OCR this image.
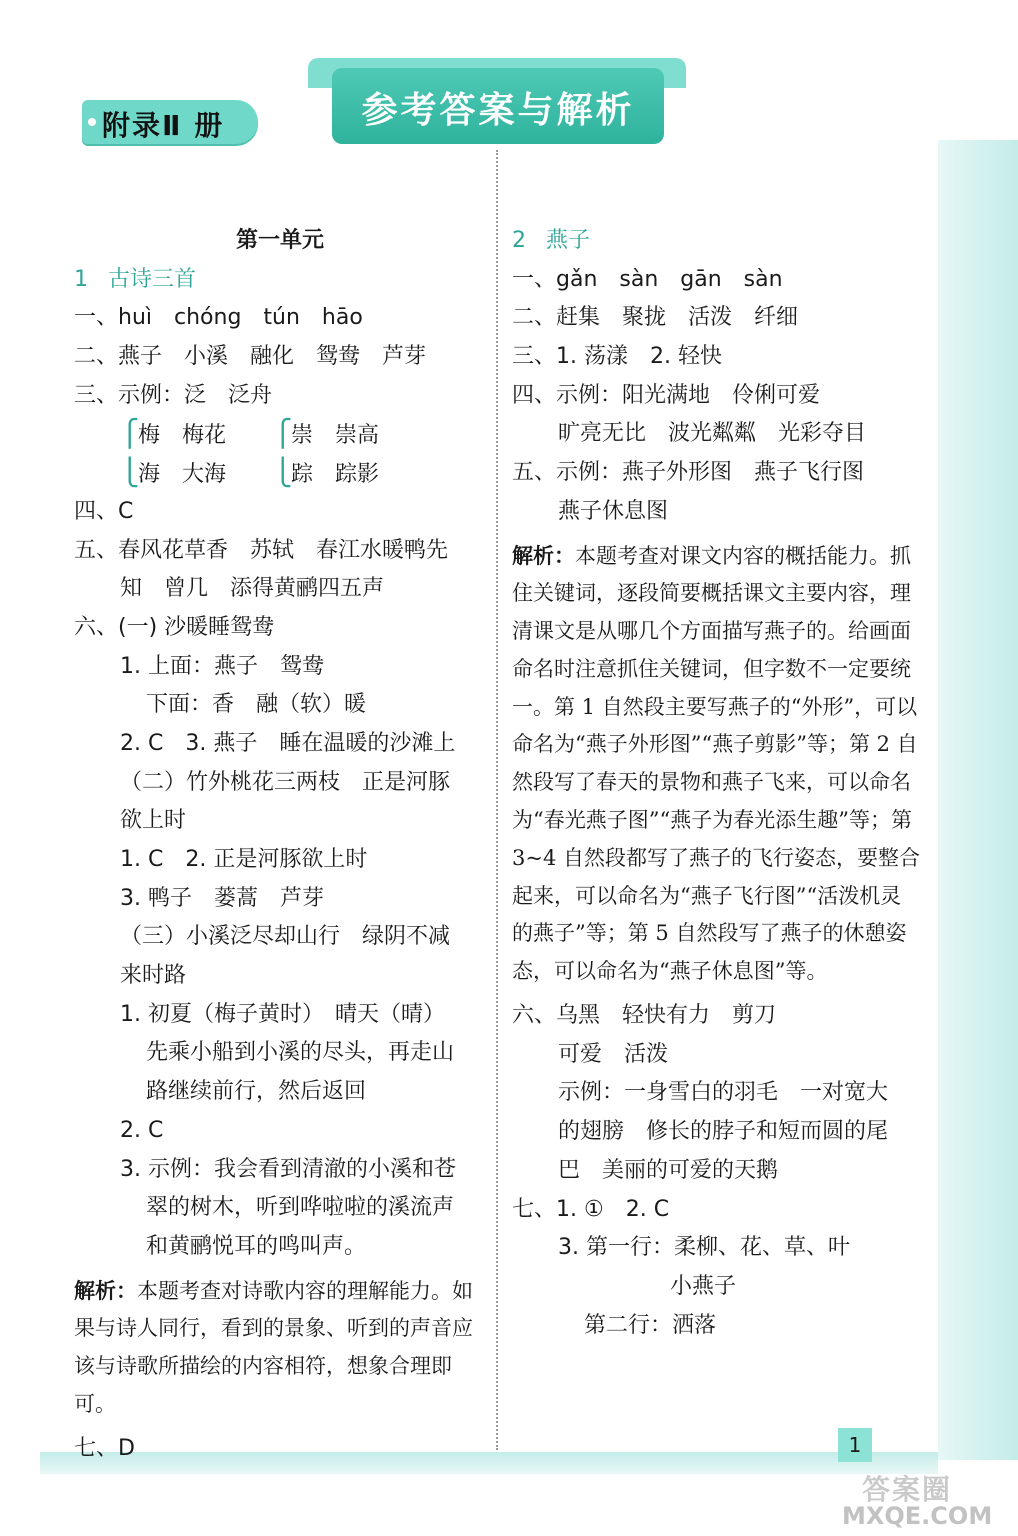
附录Ⅱ 册	参考答案与解析
第一单元
1 古诗三首
一、huì　chóng　tún　hāo
二、燕子　小溪　融化　鸳鸯　芦芽
三、示例：泛　泛舟
⎧梅　梅花 ⎧崇　崇高
⎩海　大海 ⎩踪　踪影
四、C
五、春风花草香　苏轼　春江水暖鸭先
知　曾几　添得黄鹂四五声
六、(一) 沙暖睡鸳鸯
1. 上面：燕子　鸳鸯
下面：香　融（软）暖
2. C　3. 燕子　睡在温暖的沙滩上
（二）竹外桃花三两枝　正是河豚
欲上时
1. C　2. 正是河豚欲上时
3. 鸭子　蒌蒿　芦芽
（三）小溪泛尽却山行　绿阴不减
来时路
1. 初夏（梅子黄时）　晴天（晴）
先乘小船到小溪的尽头，再走山
路继续前行，然后返回
2. C
3. 示例：我会看到清澈的小溪和苍
翠的树木，听到哗啦啦的溪流声
和黄鹂悦耳的鸣叫声。
解析：本题考查对诗歌内容的理解能力。如果与诗人同行，看到的景象、听到的声音应该与诗歌所描绘的内容相符，想象合理即可。
七、D
2 燕子
一、gǎn　sàn　gān　sàn
二、赶集　聚拢　活泼　纤细
三、1. 荡漾　2. 轻快
四、示例：阳光满地　伶俐可爱
旷亮无比　波光粼粼　光彩夺目
五、示例：燕子外形图　燕子飞行图
燕子休息图
解析：本题考查对课文内容的概括能力。抓住关键词，逐段简要概括课文主要内容，理清课文是从哪几个方面描写燕子的。给画面命名时注意抓住关键词，但字数不一定要统一。第 1 自然段主要写燕子的“外形”，可以命名为“燕子外形图”“燕子剪影”等；第 2 自然段写了春天的景物和燕子飞来，可以命名为“春光燕子图”“燕子为春光添生趣”等；第 3~4 自然段都写了燕子的飞行姿态，要整合起来，可以命名为“燕子飞行图”“活泼机灵的燕子”等；第 5 自然段写了燕子的休憩姿态，可以命名为“燕子休息图”等。
六、乌黑　轻快有力　剪刀
可爱　活泼
示例：一身雪白的羽毛　一对宽大
的翅膀　修长的脖子和短而圆的尾
巴　美丽的可爱的天鹅
七、1. ①　2. C
3. 第一行：柔柳、花、草、叶
小燕子
第二行：洒落
1
答案圈
MXQE.COM
